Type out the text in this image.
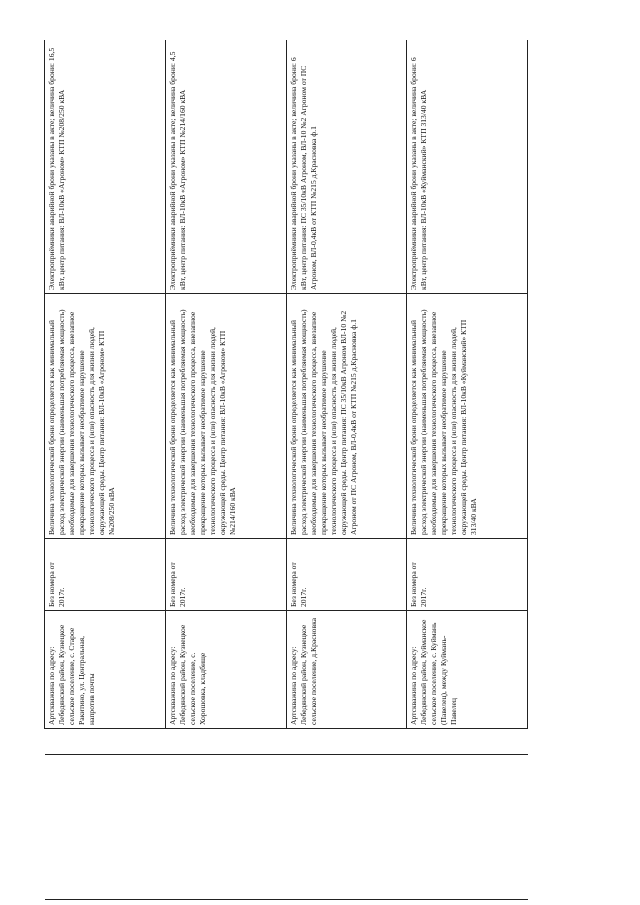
		Артскважина по адресу: Лебедянский район, Кузнецкое сельское поселение, с. Старое Ракитино, ул. Центральная, напротив почты	Без номера от 2017г.	Величина технологической брони определяется как минимальный расход электрической энергии (наименьшая потребляемая мощность) необходимые для завершения технологического процесса, внезапное прекращение которых вызывает необратимое нарушение технологического процесса и (или) опасность для жизни людей, окружающей среды. Центр питания: ВЛ-10кВ «Агроном» КТП №208/250 кВА	Электроприёмники аварийной брони указаны в акте; величина брони: 16,5 кВт, центр питания: ВЛ-10кВ «Агроном» КТП №208/250 кВА
		Артскважина по адресу: Лебедянский район, Кузнецкое сельское поселение, с. Хорошовка, кладбище	Без номера от 2017г.	Величина технологической брони определяется как минимальный расход электрической энергии (наименьшая потребляемая мощность) необходимые для завершения технологического процесса, внезапное прекращение которых вызывает необратимое нарушение технологического процесса и (или) опасность для жизни людей, окружающей среды. Центр питания: ВЛ-10кВ «Агроном» КТП №214/160 кВА	Электроприёмники аварийной брони указаны в акте; величина брони: 4,5 кВт, центр питания: ВЛ-10кВ «Агроном» КТП №214/160 кВА
		Артскважина по адресу: Лебедянский район, Кузнецкое сельское поселение, д.Красновка	Без номера от 2017г.	Величина технологической брони определяется как минимальный расход электрической энергии (наименьшая потребляемая мощность) необходимые для завершения технологического процесса, внезапное прекращение которых вызывает необратимое нарушение технологического процесса и (или) опасность для жизни людей, окружающей среды. Центр питания: ПС 35/10кВ Агроном ВЛ-10 №2 Агроном от ПС Агроном, ВЛ-0,4кВ от КТП №215 д.Красновка ф.1	Электроприёмники аварийной брони указаны в акте; величина брони: 6 кВт, центр питания: ПС 35/10кВ Агроном, ВЛ-10 №2 Агроном от ПС Агроном, ВЛ-0,4кВ от КТП №215 д.Красновка ф.1
		Артскважина по адресу: Лебедянский район, Куйманское сельское поселение, с. Куймань (Павелец), между Куймань-Павелец	Без номера от 2017г.	Величина технологической брони определяется как минимальный расход электрической энергии (наименьшая потребляемая мощность) необходимые для завершения технологического процесса, внезапное прекращение которых вызывает необратимое нарушение технологического процесса и (или) опасность для жизни людей, окружающей среды. Центр питания: ВЛ-10кВ «Куйманский» КТП 313/40 кВА	Электроприёмники аварийной брони указаны в акте; величина брони: 6 кВт, центр питания: ВЛ-10кВ «Куйманский» КТП 313/40 кВА
